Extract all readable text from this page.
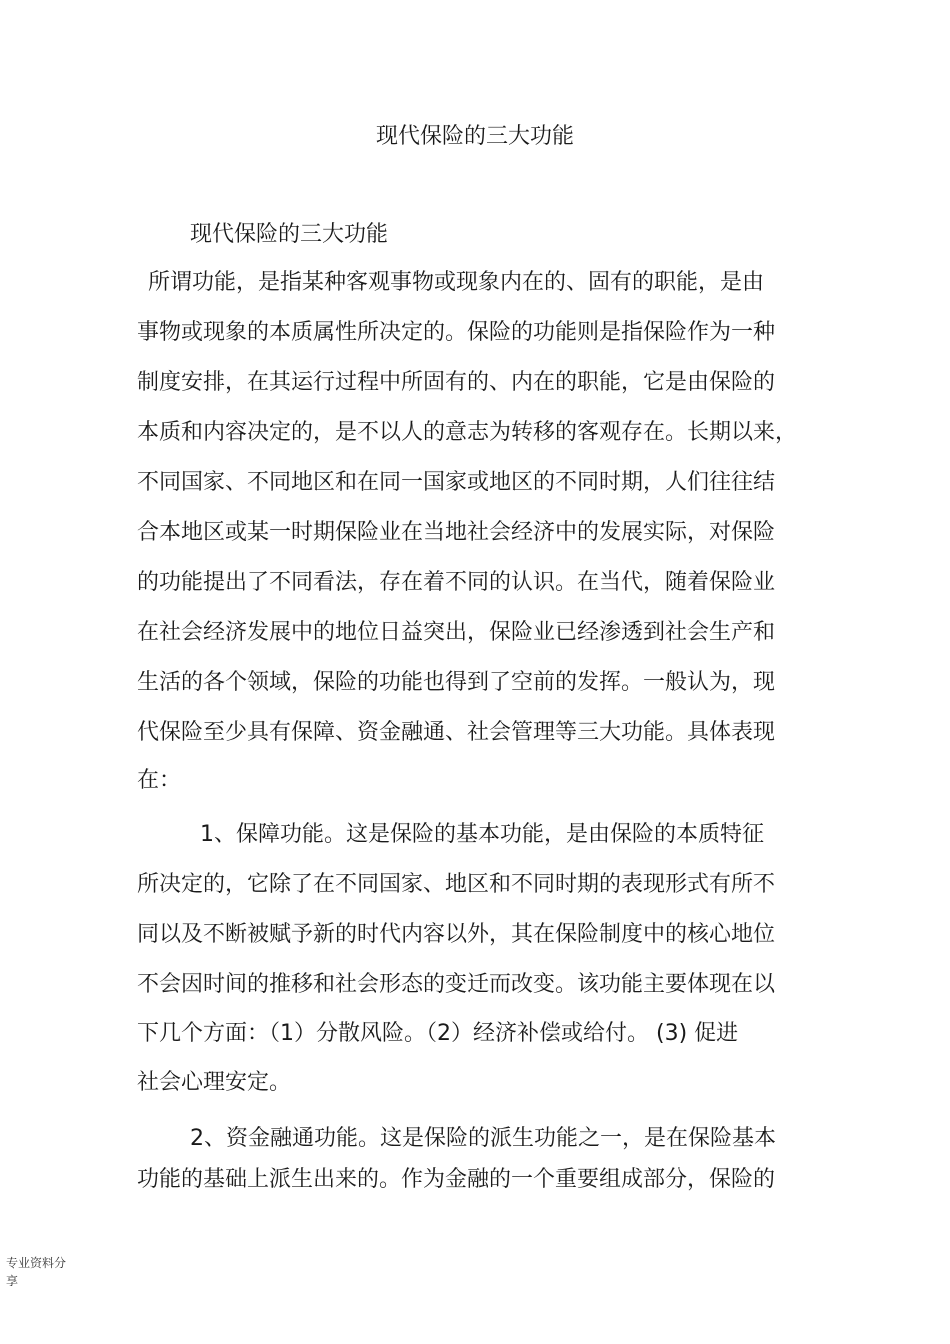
现代保险的三大功能
现代保险的三大功能
所谓功能，是指某种客观事物或现象内在的、固有的职能，是由
事物或现象的本质属性所决定的。保险的功能则是指保险作为一种
制度安排，在其运行过程中所固有的、内在的职能，它是由保险的
本质和内容决定的，是不以人的意志为转移的客观存在。长期以来，
不同国家、不同地区和在同一国家或地区的不同时期，人们往往结
合本地区或某一时期保险业在当地社会经济中的发展实际，对保险
的功能提出了不同看法，存在着不同的认识。在当代，随着保险业
在社会经济发展中的地位日益突出，保险业已经渗透到社会生产和
生活的各个领域，保险的功能也得到了空前的发挥。一般认为，现
代保险至少具有保障、资金融通、社会管理等三大功能。具体表现
在：
1、保障功能。这是保险的基本功能，是由保险的本质特征
所决定的，它除了在不同国家、地区和不同时期的表现形式有所不
同以及不断被赋予新的时代内容以外，其在保险制度中的核心地位
不会因时间的推移和社会形态的变迁而改变。该功能主要体现在以
下几个方面：（1）分散风险。（2）经济补偿或给付。 (3) 促进
社会心理安定。
2、资金融通功能。这是保险的派生功能之一，是在保险基本
功能的基础上派生出来的。作为金融的一个重要组成部分，保险的
专业资料分
享
